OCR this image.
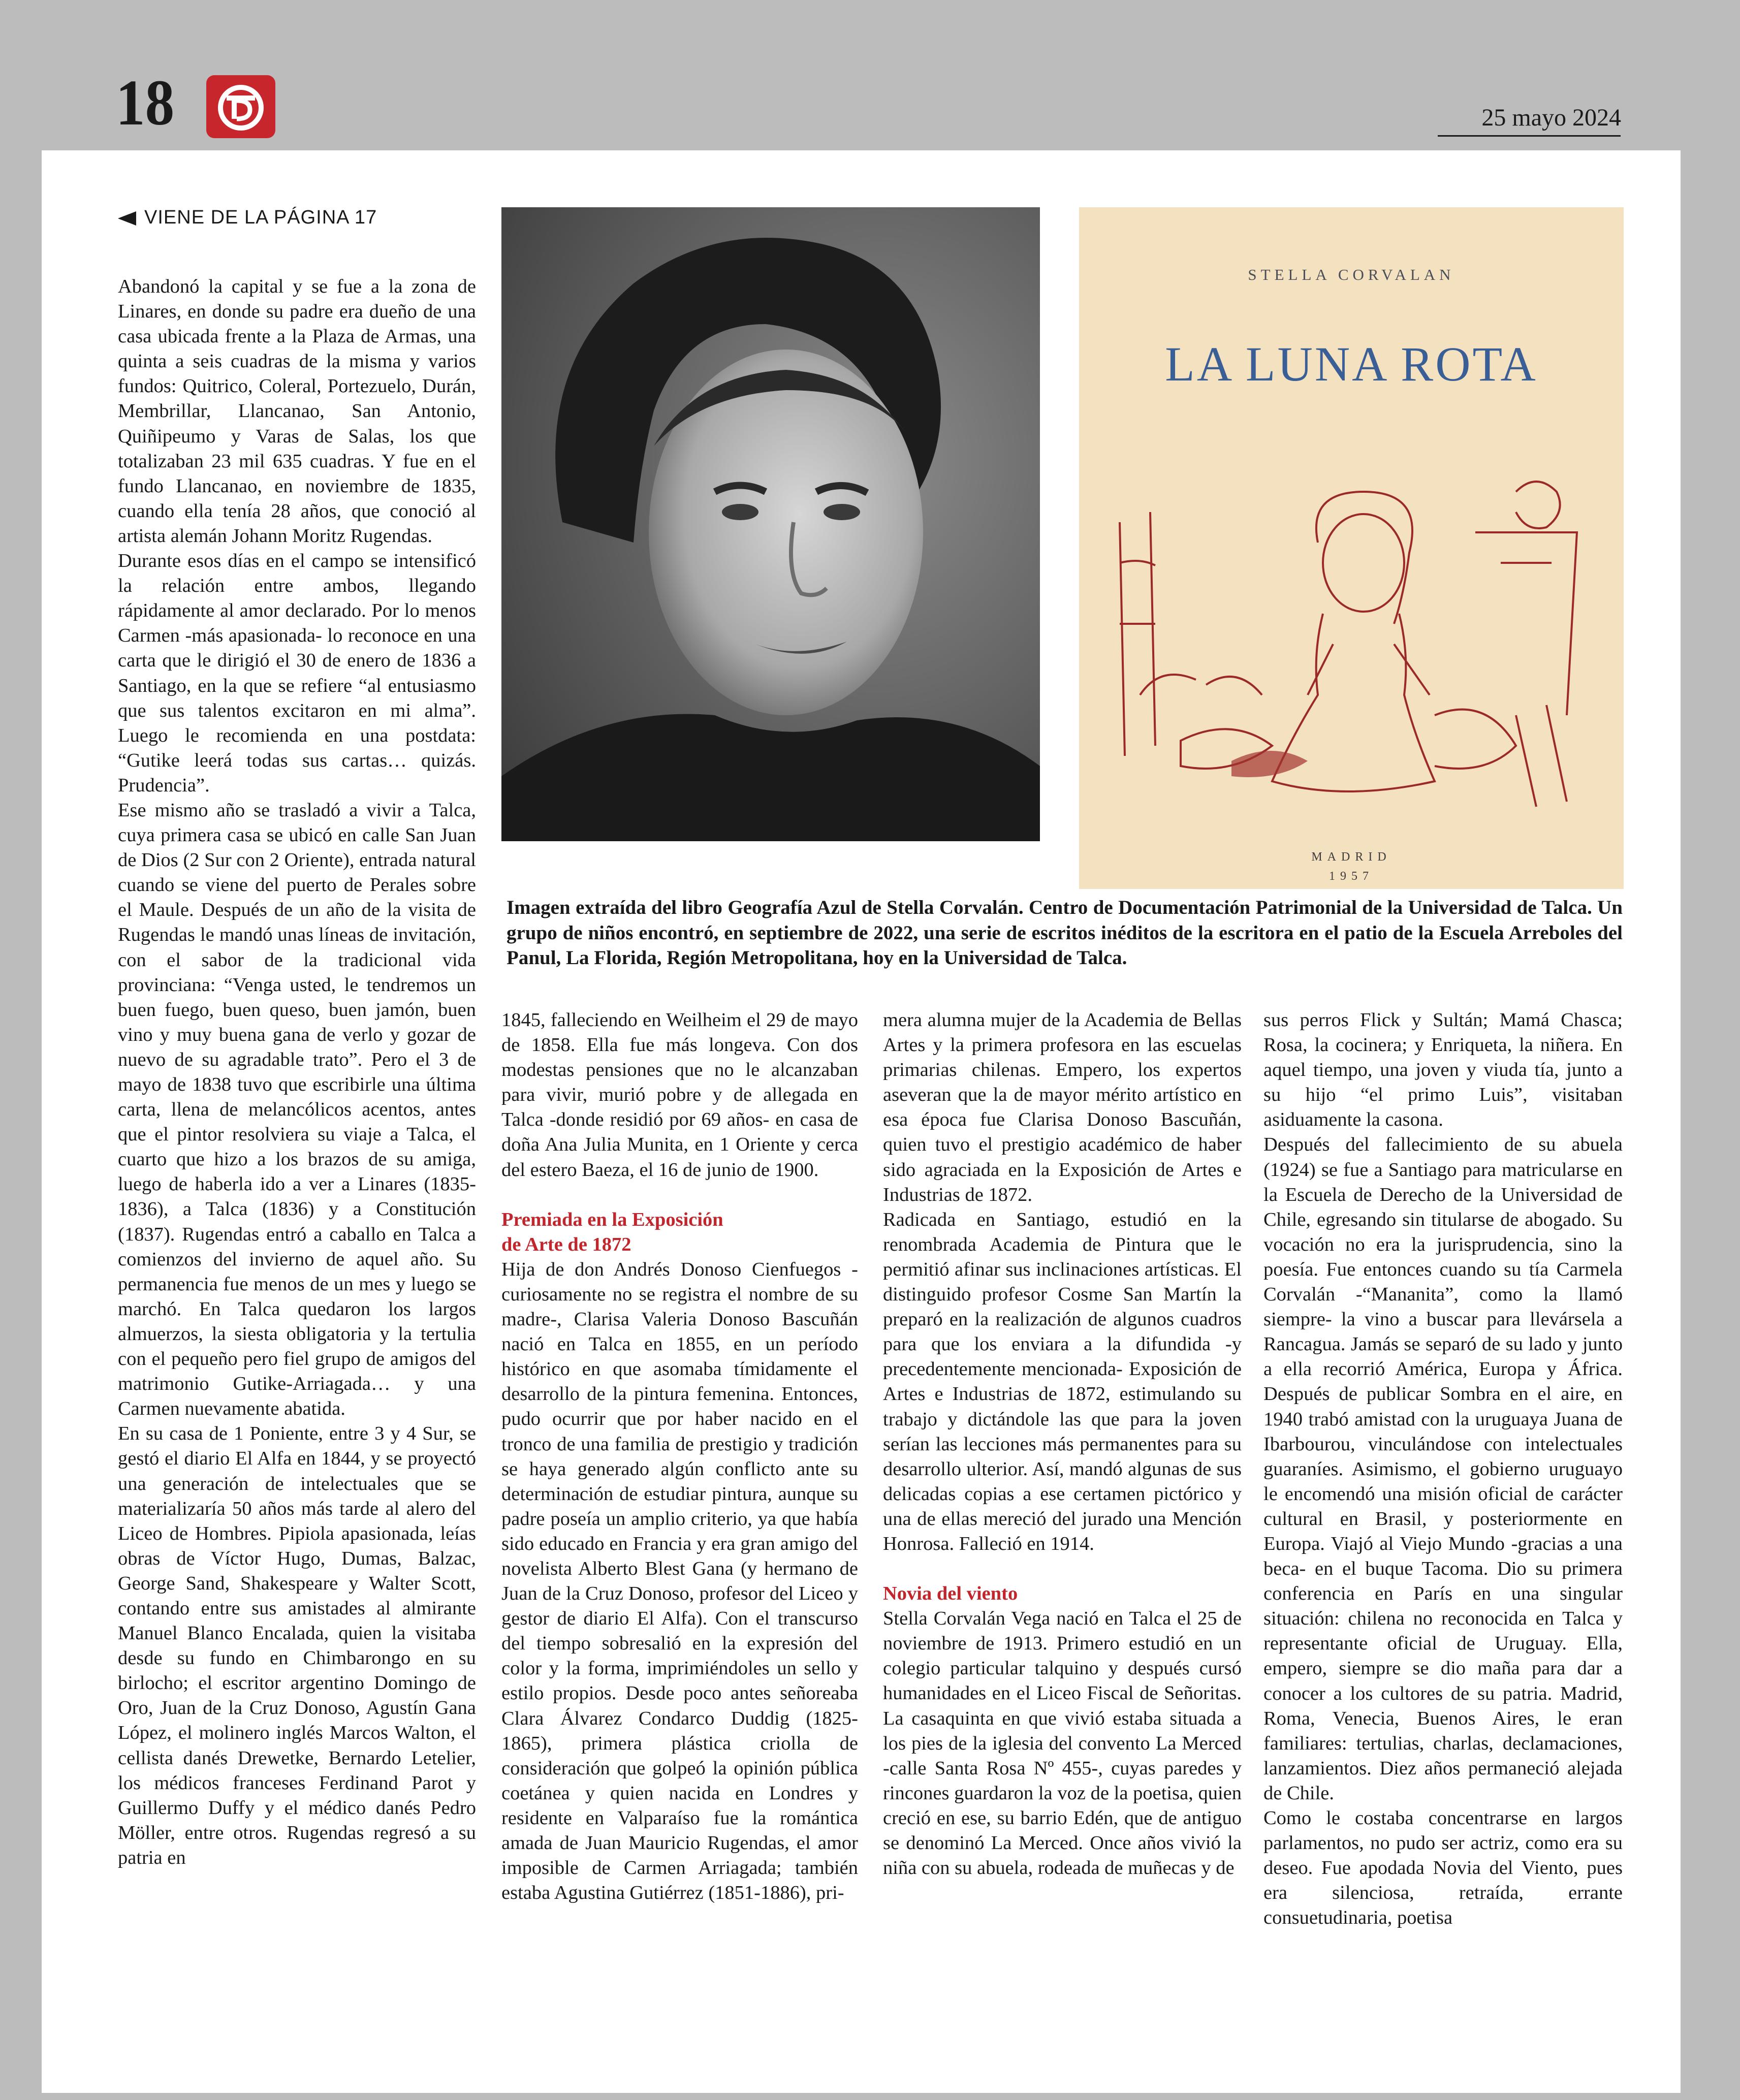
18	25 mayo 2024
VIENE DE LA PÁGINA 17

Abandonó la capital y se fue a la zona de Linares, en donde su padre era dueño de una casa ubicada frente a la Plaza de Armas, una quinta a seis cuadras de la misma y varios fundos: Quitrico, Coleral, Portezuelo, Durán, Membrillar, Llancanao, San Antonio, Quiñipeumo y Varas de Salas, los que totalizaban 23 mil 635 cuadras. Y fue en el fundo Llancanao, en noviembre de 1835, cuando ella tenía 28 años, que conoció al artista alemán Johann Moritz Rugendas.

Durante esos días en el campo se intensificó la relación entre ambos, llegando rápidamente al amor declarado. Por lo menos Carmen -más apasionada- lo reconoce en una carta que le dirigió el 30 de enero de 1836 a Santiago, en la que se refiere “al entusiasmo que sus talentos excitaron en mi alma”. Luego le recomienda en una postdata: “Gutike leerá todas sus cartas… quizás. Prudencia”.

Ese mismo año se trasladó a vivir a Talca, cuya primera casa se ubicó en calle San Juan de Dios (2 Sur con 2 Oriente), entrada natural cuando se viene del puerto de Perales sobre el Maule. Después de un año de la visita de Rugendas le mandó unas líneas de invitación, con el sabor de la tradicional vida provinciana: “Venga usted, le tendremos un buen fuego, buen queso, buen jamón, buen vino y muy buena gana de verlo y gozar de nuevo de su agradable trato”. Pero el 3 de mayo de 1838 tuvo que escribirle una última carta, llena de melancólicos acentos, antes que el pintor resolviera su viaje a Talca, el cuarto que hizo a los brazos de su amiga, luego de haberla ido a ver a Linares (1835-1836), a Talca (1836) y a Constitución (1837). Rugendas entró a caballo en Talca a comienzos del invierno de aquel año. Su permanencia fue menos de un mes y luego se marchó. En Talca quedaron los largos almuerzos, la siesta obligatoria y la tertulia con el pequeño pero fiel grupo de amigos del matrimonio Gutike-Arriagada… y una Carmen nuevamente abatida.

En su casa de 1 Poniente, entre 3 y 4 Sur, se gestó el diario El Alfa en 1844, y se proyectó una generación de intelectuales que se materializaría 50 años más tarde al alero del Liceo de Hombres. Pipiola apasionada, leías obras de Víctor Hugo, Dumas, Balzac, George Sand, Shakespeare y Walter Scott, contando entre sus amistades al almirante Manuel Blanco Encalada, quien la visitaba desde su fundo en Chimbarongo en su birlocho; el escritor argentino Domingo de Oro, Juan de la Cruz Donoso, Agustín Gana López, el molinero inglés Marcos Walton, el cellista danés Drewetke, Bernardo Letelier, los médicos franceses Ferdinand Parot y Guillermo Duffy y el médico danés Pedro Möller, entre otros. Rugendas regresó a su patria en

STELLA CORVALAN
LA LUNA ROTA
MADRID
1957
Imagen extraída del libro Geografía Azul de Stella Corvalán. Centro de Documentación Patrimonial de la Universidad de Talca. Un grupo de niños encontró, en septiembre de 2022, una serie de escritos inéditos de la escritora en el patio de la Escuela Arreboles del Panul, La Florida, Región Metropolitana, hoy en la Universidad de Talca.

1845, falleciendo en Weilheim el 29 de mayo de 1858. Ella fue más longeva. Con dos modestas pensiones que no le alcanzaban para vivir, murió pobre y de allegada en Talca -donde residió por 69 años- en casa de doña Ana Julia Munita, en 1 Oriente y cerca del estero Baeza, el 16 de junio de 1900.

Premiada en la Exposición
de Arte de 1872

Hija de don Andrés Donoso Cienfuegos -curiosamente no se registra el nombre de su madre-, Clarisa Valeria Donoso Bascuñán nació en Talca en 1855, en un período histórico en que asomaba tímidamente el desarrollo de la pintura femenina. Entonces, pudo ocurrir que por haber nacido en el tronco de una familia de prestigio y tradición se haya generado algún conflicto ante su determinación de estudiar pintura, aunque su padre poseía un amplio criterio, ya que había sido educado en Francia y era gran amigo del novelista Alberto Blest Gana (y hermano de Juan de la Cruz Donoso, profesor del Liceo y gestor de diario El Alfa). Con el transcurso del tiempo sobresalió en la expresión del color y la forma, imprimiéndoles un sello y estilo propios. Desde poco antes señoreaba Clara Álvarez Condarco Duddig (1825-1865), primera plástica criolla de consideración que golpeó la opinión pública coetánea y quien nacida en Londres y residente en Valparaíso fue la romántica amada de Juan Mauricio Rugendas, el amor imposible de Carmen Arriagada; también estaba Agustina Gutiérrez (1851-1886), pri-

mera alumna mujer de la Academia de Bellas Artes y la primera profesora en las escuelas primarias chilenas. Empero, los expertos aseveran que la de mayor mérito artístico en esa época fue Clarisa Donoso Bascuñán, quien tuvo el prestigio académico de haber sido agraciada en la Exposición de Artes e Industrias de 1872.

Radicada en Santiago, estudió en la renombrada Academia de Pintura que le permitió afinar sus inclinaciones artísticas. El distinguido profesor Cosme San Martín la preparó en la realización de algunos cuadros para que los enviara a la difundida -y precedentemente mencionada- Exposición de Artes e Industrias de 1872, estimulando su trabajo y dictándole las que para la joven serían las lecciones más permanentes para su desarrollo ulterior. Así, mandó algunas de sus delicadas copias a ese certamen pictórico y una de ellas mereció del jurado una Mención Honrosa. Falleció en 1914.

Novia del viento

Stella Corvalán Vega nació en Talca el 25 de noviembre de 1913. Primero estudió en un colegio particular talquino y después cursó humanidades en el Liceo Fiscal de Señoritas. La casaquinta en que vivió estaba situada a los pies de la iglesia del convento La Merced -calle Santa Rosa Nº 455-, cuyas paredes y rincones guardaron la voz de la poetisa, quien creció en ese, su barrio Edén, que de antiguo se denominó La Merced. Once años vivió la niña con su abuela, rodeada de muñecas y de

sus perros Flick y Sultán; Mamá Chasca; Rosa, la cocinera; y Enriqueta, la niñera. En aquel tiempo, una joven y viuda tía, junto a su hijo “el primo Luis”, visitaban asiduamente la casona.

Después del fallecimiento de su abuela (1924) se fue a Santiago para matricularse en la Escuela de Derecho de la Universidad de Chile, egresando sin titularse de abogado. Su vocación no era la jurisprudencia, sino la poesía. Fue entonces cuando su tía Carmela Corvalán -“Mananita”, como la llamó siempre- la vino a buscar para llevársela a Rancagua. Jamás se separó de su lado y junto a ella recorrió América, Europa y África. Después de publicar Sombra en el aire, en 1940 trabó amistad con la uruguaya Juana de Ibarbourou, vinculándose con intelectuales guaraníes. Asimismo, el gobierno uruguayo le encomendó una misión oficial de carácter cultural en Brasil, y posteriormente en Europa. Viajó al Viejo Mundo -gracias a una beca- en el buque Tacoma. Dio su primera conferencia en París en una singular situación: chilena no reconocida en Talca y representante oficial de Uruguay. Ella, empero, siempre se dio maña para dar a conocer a los cultores de su patria. Madrid, Roma, Venecia, Buenos Aires, le eran familiares: tertulias, charlas, declamaciones, lanzamientos. Diez años permaneció alejada de Chile.

Como le costaba concentrarse en largos parlamentos, no pudo ser actriz, como era su deseo. Fue apodada Novia del Viento, pues era silenciosa, retraída, errante consuetudinaria, poetisa
